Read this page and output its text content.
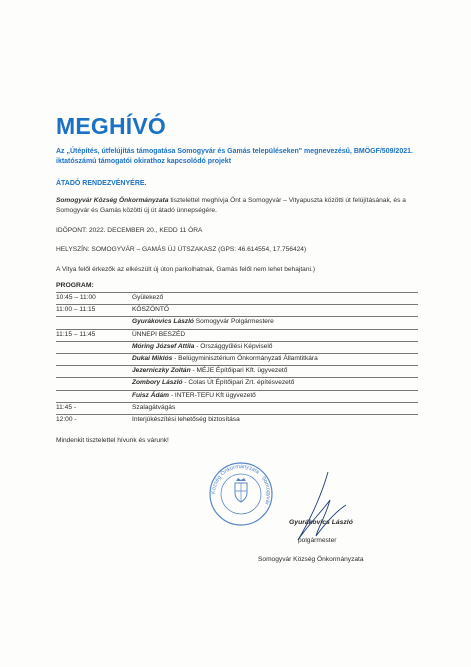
MEGHÍVÓ
Az „Útépítés, útfelújítás támogatása Somogyvár és Gamás településeken" megnevezésű, BMÖGF/509/2021. iktatószámú támogatói okirathoz kapcsolódó projekt
ÁTADÓ RENDEZVÉNYÉRE.
Somogyvár Község Önkormányzata tisztelettel meghívja Önt a Somogyvár – Vityapuszta közötti út felújításának, és a Somogyvár és Gamás közötti új út átadó ünnepségére.
IDŐPONT: 2022. DECEMBER 20., KEDD 11 ÓRA
HELYSZÍN: SOMOGYVÁR – GAMÁS ÚJ ÚTSZAKASZ (GPS: 46.614554, 17.756424)
A Vitya felől érkezők az elkészült új úton parkolhatnak, Gamás felől nem lehet behajtani.)
PROGRAM:
10:45 – 11:00	Gyülekező
11:00 – 11:15	KÖSZÖNTŐ
Gyurákovics László Somogyvár Polgármestere
11:15 – 11:45	ÜNNEPI BESZÉD
Móring József Attila - Országgyűlési Képviselő
Dukai Miklós - Belügyminisztérium Önkormányzati Államtitkára
Jezerniczky Zoltán - MÉJE Építőipari Kft. ügyvezető
Zombory László - Colas Út Építőipari Zrt. építésvezető
Fuisz Ádám - INTER-TEFU Kft ügyvezető
11:45 -	Szalagátvágás
12:00 -	Interjúkészítési lehetőség biztosítása
Mindenkit tisztelettel hívunk és várunk!
Község Önkormányzata · Somogyvár ·
Gyurákovics László
polgármester
Somogyvár Község Önkormányzata
